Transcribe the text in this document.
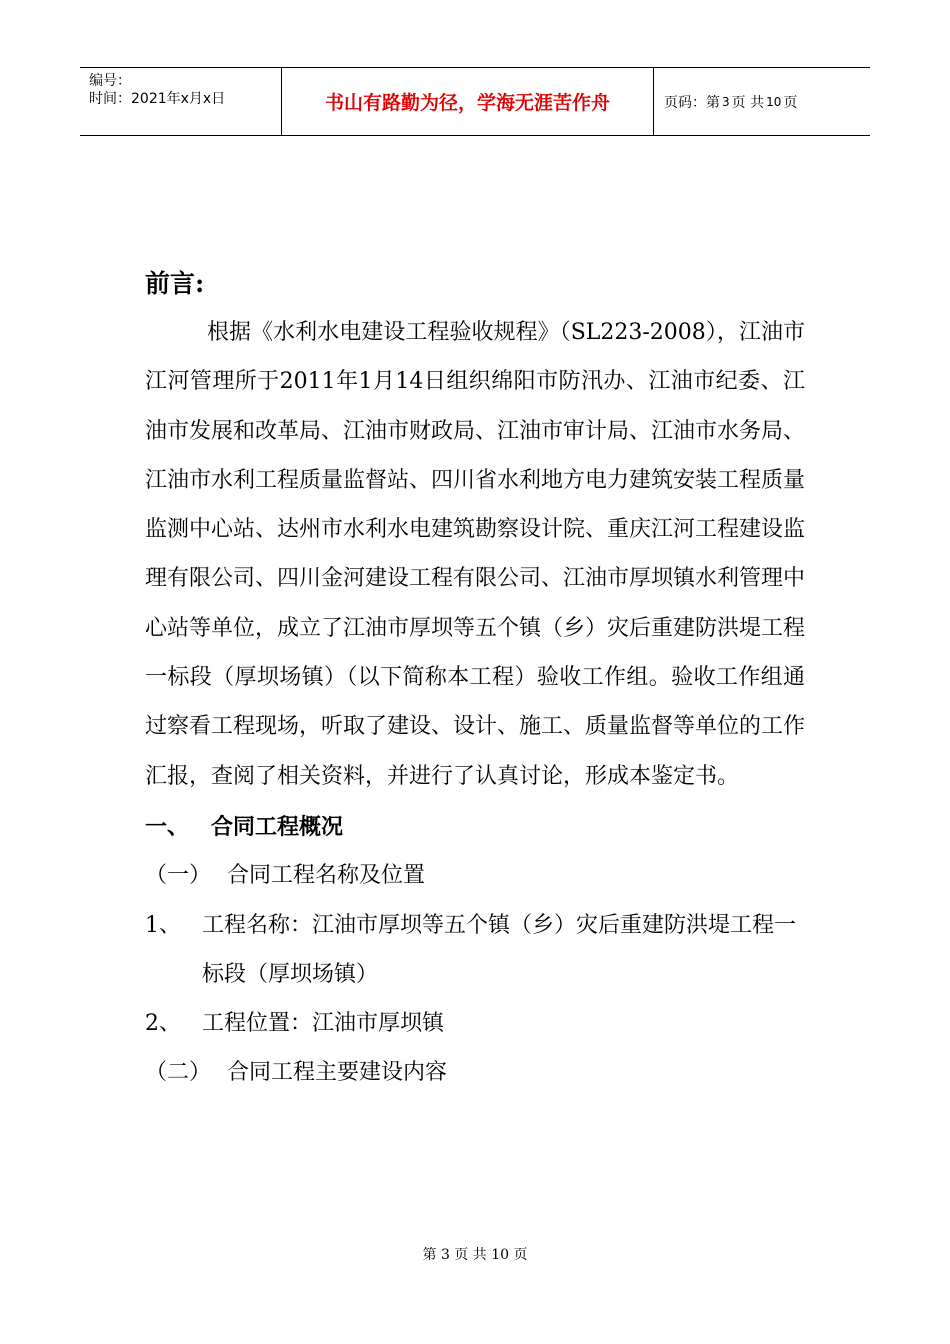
编号：
时间：2021年x月x日	书山有路勤为径，学海无涯苦作舟	页码：第 3 页 共 10 页
前言:

根据《水利水电建设工程验收规程》（SL223-2008），江油市江河管理所于2011年1月14日组织绵阳市防汛办、江油市纪委、江油市发展和改革局、江油市财政局、江油市审计局、江油市水务局、江油市水利工程质量监督站、四川省水利地方电力建筑安装工程质量监测中心站、达州市水利水电建筑勘察设计院、重庆江河工程建设监理有限公司、四川金河建设工程有限公司、江油市厚坝镇水利管理中心站等单位，成立了江油市厚坝等五个镇（乡）灾后重建防洪堤工程一标段（厚坝场镇）（以下简称本工程）验收工作组。验收工作组通过察看工程现场，听取了建设、设计、施工、质量监督等单位的工作汇报，查阅了相关资料，并进行了认真讨论，形成本鉴定书。

一、 合同工程概况
（一） 合同工程名称及位置
1、 工程名称：江油市厚坝等五个镇（乡）灾后重建防洪堤工程一标段（厚坝场镇）
2、 工程位置：江油市厚坝镇
（二） 合同工程主要建设内容
第 3 页 共 10 页
